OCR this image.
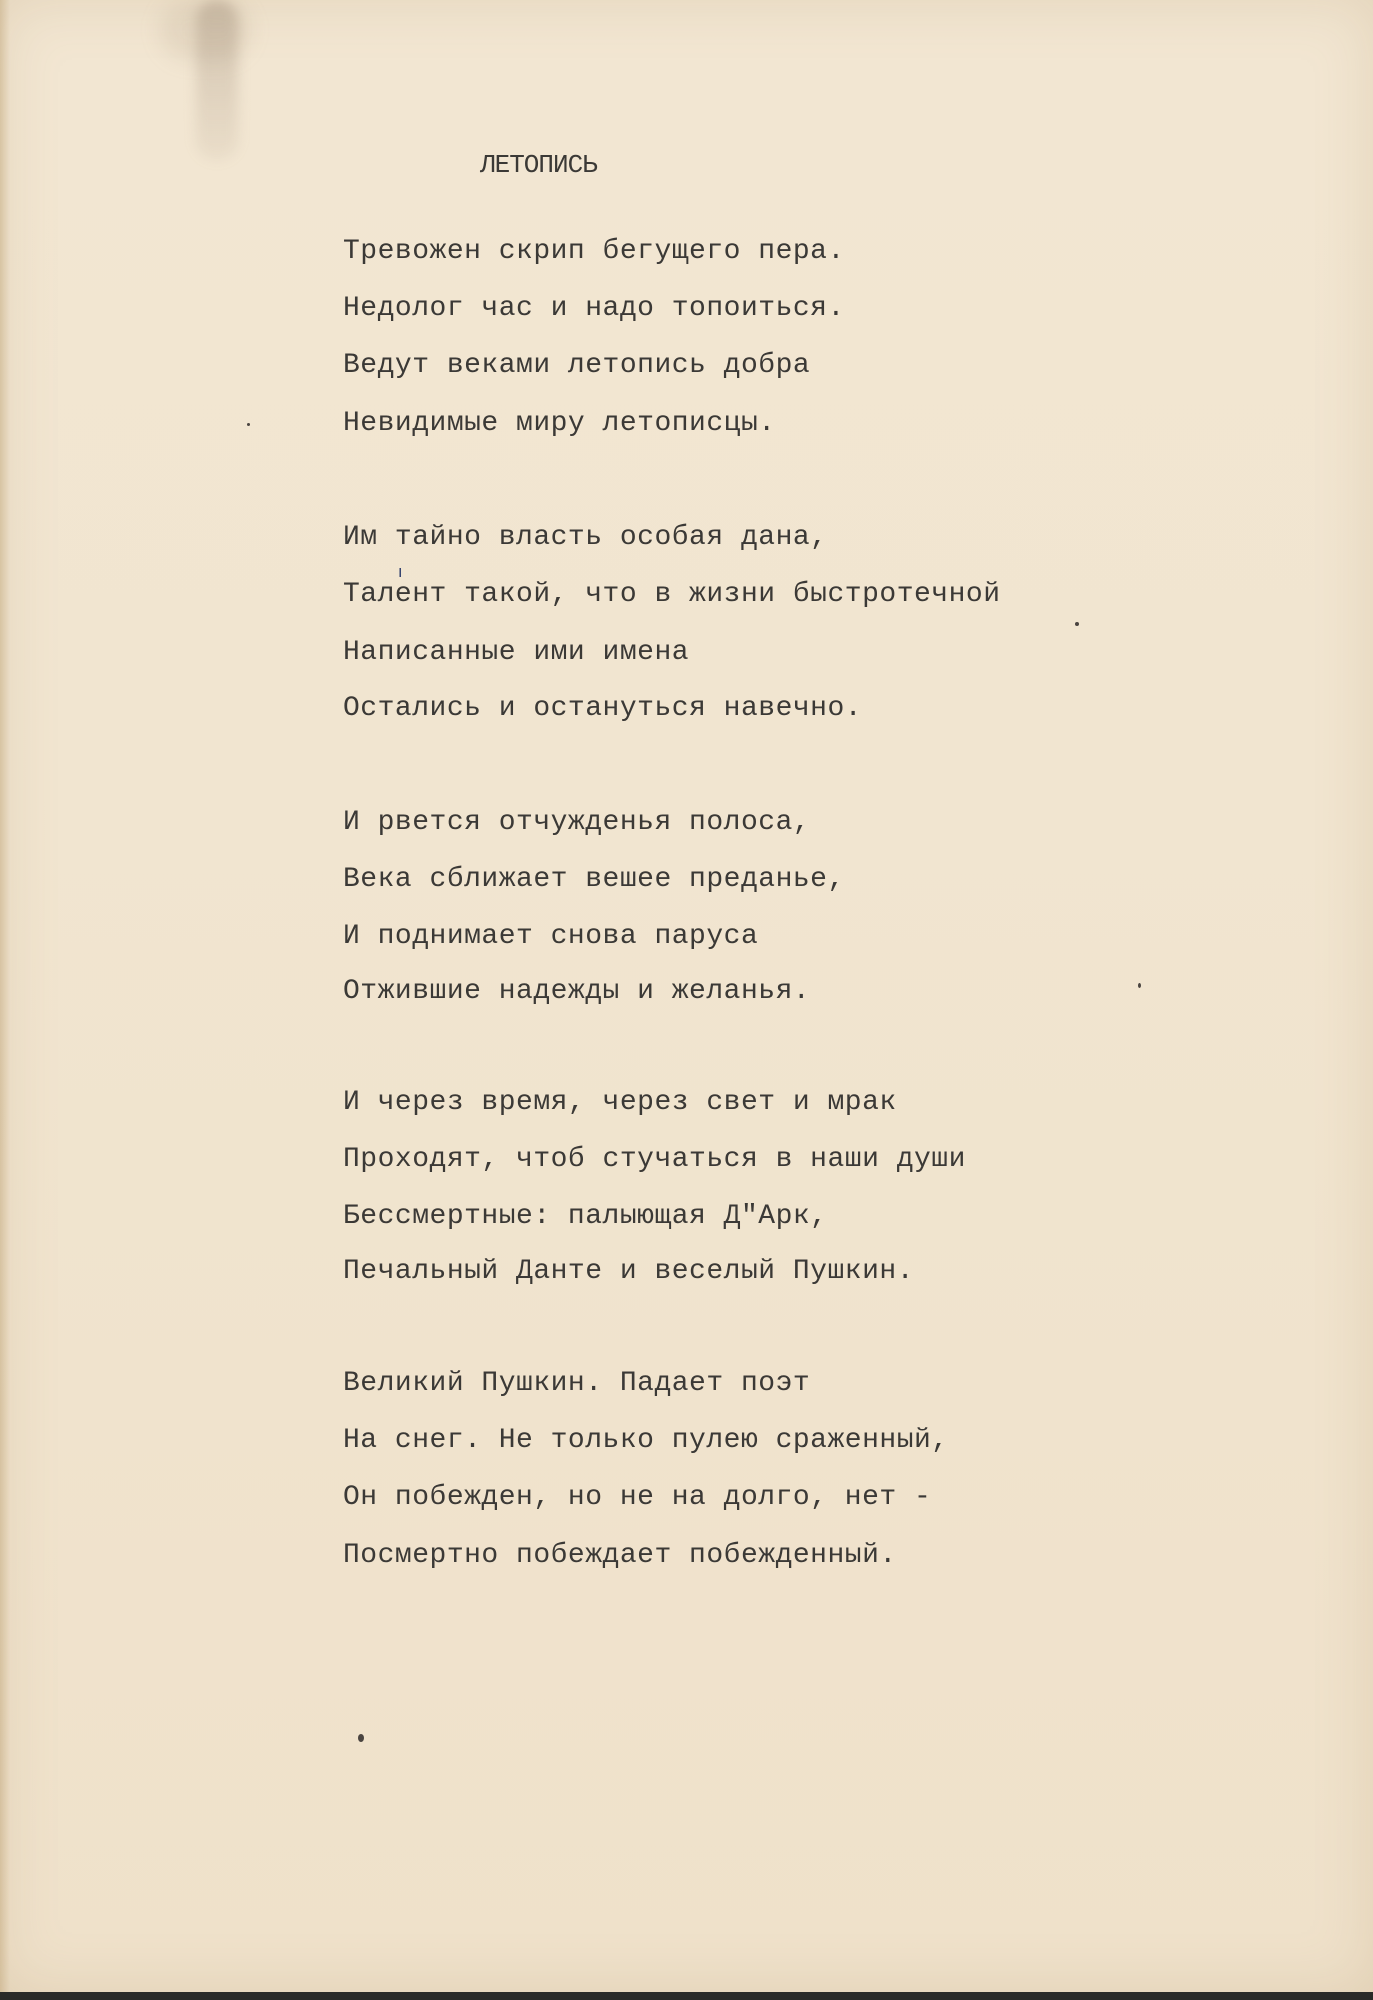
ЛЕТОПИСЬ
ı
Тревожен скрип бегущего пера.
Недолог час и надо топоиться.
Ведут веками летопись добра
Невидимые миру летописцы.
Им тайно власть особая дана,
Талент такой, что в жизни быстротечной
Написанные ими имена
Остались и остануться навечно.
И рвется отчужденья полоса,
Века сближает вешее преданье,
И поднимает снова паруса
Отжившие надежды и желанья.
И через время, через свет и мрак
Проходят, чтоб стучаться в наши души
Бессмертные: палыющая Д"Арк,
Печальный Данте и веселый Пушкин.
Великий Пушкин. Падает поэт
На снег. Не только пулею сраженный,
Он побежден, но не на долго, нет -
Посмертно побеждает побежденный.
